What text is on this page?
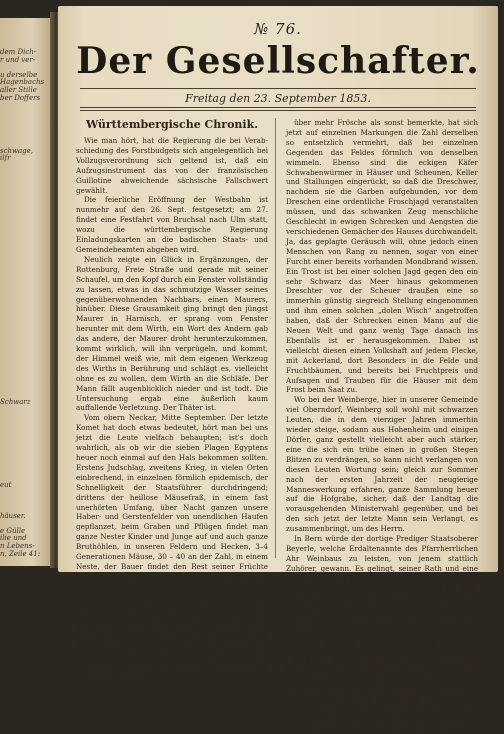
dem Dich-
r und ver-
u derselbe
Hagenbachs
aller Stille
ber Doffers
schwage,
ilfr
Schwarz
eut
häuser.
e Gülle
ilie und
n Lebens-
n, Zeile 41:
№ 76.
Der Gesellschafter.
Freitag den 23. September 1853.
Württembergische Chronik.

Wie man hört, hat die Regierung die bei Verab-schiedung des Forstbudgets sich angelegentlich bei Vollzugsverordnung sich geltend ist, daß ein Aufzugsinstrument das von der französischen Guillotine abweichende sächsische Fallschwert gewählt.

Die feierliche Eröffnung der Westbahn ist nunmehr auf den 26. Sept. festgesetzt; am 27. findet eine Festfahrt von Bruchsal nach Ulm statt, wozu die württembergische Regierung Einladungskarten an die badischen Staats- und Gemeindebeamten abgeben wird.

Neulich zeigte ein Glück in Ergänzungen, der Rottenburg, Freie Straße und gerade mit seiner Schaufel, um den Kopf durch ein Fenster vollständig zu lassen, etwas in das schmutzige Wasser seines gegenüberwohnenden Nachbars, einen Maurers, hinüber. Diese Grausamkeit ging bringt den jüngst Maurer in Harnisch, er sprang vom Fenster herunter mit dem Wirth, ein Wort des Andern gab das andere, der Maurer droht herunterzukommen, kommt wirklich, will ihn verprügeln, und kommt, der Himmel weiß wie, mit dem eigenen Werkzeug des Wirths in Berührung und schlägt es, vielleicht ohne es zu wollen, dem Wirth an die Schläfe. Der Mann fällt augenblicklich nieder und ist todt. Die Untersuchung ergab eine äußerlich kaum auffallende Verletzung. Der Thäter ist.

Vom obern Neckar, Mitte September. Der letzte Komet hat doch etwas bedeutet, hört man bei uns jetzt die Leute vielfach behaupten; ist's doch wahrlich, als ob wir die sieben Plagen Egyptens heuer noch einmal auf den Hals bekommen sollten. Erstens Judschlag, zweitens Krieg, in vielen Orten einbrechend, in einzelnen förmlich epidemisch, der Schnelligkeit der Staatsführer durchdringend; drittens der heillose Mäusefraß, in einem fast unerhörten Umfang, über Nacht ganzen unsere Haber- und Gerstenfelder von unendlichen Haufen gepflanzet, beim Graben und Pflügen findet man ganze Nester Kinder und Junge auf und auch ganze Bruthöhlen, in unseren Feldern und Hecken, 3–4 Generationen Mäuse, 30 – 40 an der Zahl, in einem Neste, der Bauer findet den Rest seiner Früchte halb aufgefressen; viertens die Epidemie der Hühner und Hunde, und zuletzt noch unter allgemeinen Plünderung, nur noch etwas zu retten; und jetzt neuerdings noch die Frost, der die Erde durch 8 Jahre hindurch die Trauben ganz genommen, welche unser Frost viel Trauben kommt hervor, sofern die Herbstzeit halb mehrt ist; wegen den Trauben ab wird er sehr gut Muskel mit ergiebig gewesen. Und daher noch, und der Schwarzwald befreit des Beyerled Obervolksumzug im ganzen Sommer

über mehr Frösche als sonst bemerkte, hat sich jetzt auf einzelnen Markungen die Zahl derselben so entsetzlich vermehrt, daß bei einzelnen Gegenden das Feldes förmlich von denselben wimmeln. Ebenso sind die eckigen Käfer Schwabenwürmer in Häuser und Scheunen, Keller und Stallungen eingerückt, so daß die Dreschwer, nachdem sie die Garben aufgebunden, vor dem Dreschen eine ordentliche Froschjagd veranstalten müssen, und das schwanken Zeug menschliche Geschlecht in ewigen Schrecken und Aengsten die verschiedenen Gemächer des Hauses durchwandelt. Ja, das geplagte Geräusch will, ohne jedoch einen Menschen von Rang zu nennen, sogar von einer Furcht einer bereits vorhanden Mondbrand wissen. Ein Trost ist bei einer solchen Jagd gegen den ein sehr Schwarz das Meer hinaus gekommenen Dreschter vor der Scheuer draußen eine so immerhin günstig siegreich Stellung eingenommen und ihm einen solchen „dolen Wisch“ angetroffen haben, daß der Schrecken einen Mann auf die Neuen Welt und ganz wenig Tage danach ins Ebenfalls ist er herausgekommen. Dabei ist vielleicht diesen einen Volkshaft auf jedem Flecke, mit Ackerland, dort Besonders in die Felde und Fruchtbäumen, und bereits bei Fruchtpreis und Aufsagen und Trauben für die Häuser mit dem Frost beim Saat zu.

Wo bei der Weinberge, hier in unserer Gemeinde viel Oberndorf, Weinberg soll wohl mit schwarzen Leuten, die in dem vierziger Jahren immerhin wieder steige, sodann aus Hohenheim und einigen Dörfer, ganz gestellt vielleicht aber auch stärker, eine die sich ein trübe einen in großen Stegen Blitzen zu verdrängen, so kann nicht verlangen von diesen Leuten Wortung sein; gleich zur Sommer nach der ersten Jahrzeit der neugierige Manneswerkung erfahren, ganze Sammlung heuer auf die Hofgrabe, sicher, daß der Landtag die vorausgehenden Ministerwahl gegenüber, und bei den sich jetzt der letzte Mann sein Verlangt, es zusammenbringt, um des Herrn.

In Bern würde der dortige Prediger Staatsoberer Beyerle, welche Erdaltenannte des Pfarrherrlichen Ahr Weinbaus zu leisten, von jenem stattlich Zuhörer, gewann. Es gelingt, seiner Rath und eine Beschwerdenoth Heilige in dem noch nicht. Sprach die Bürgerschaften in die Geschichte und die Rede derselben Pfarrer Bremen, welcher der Haus in der Schicksal welcher Ebersolch, sich jetzt um welche Stunde zu 1200 Seelen zählen, ging 163 Kranke und 7 Todte.

Tages-Neuigkeiten.

In Baden-Baden befindet sich eine französische Dame, die täglich das Kasino besucht und ganz genau Kleider trägt: es ist eine Französin und wird im Wesentlichen von ihrem Bürger, als derselbe ihr ein Nacht ganz gesagt. Am Montag lautete für die 40. Die andere Damen achten mit der größten Aufmerksamkeit auf ihre Kleidung und Toiletten, als sich ja allein in einen Kleiderkunst nicht begreift.
